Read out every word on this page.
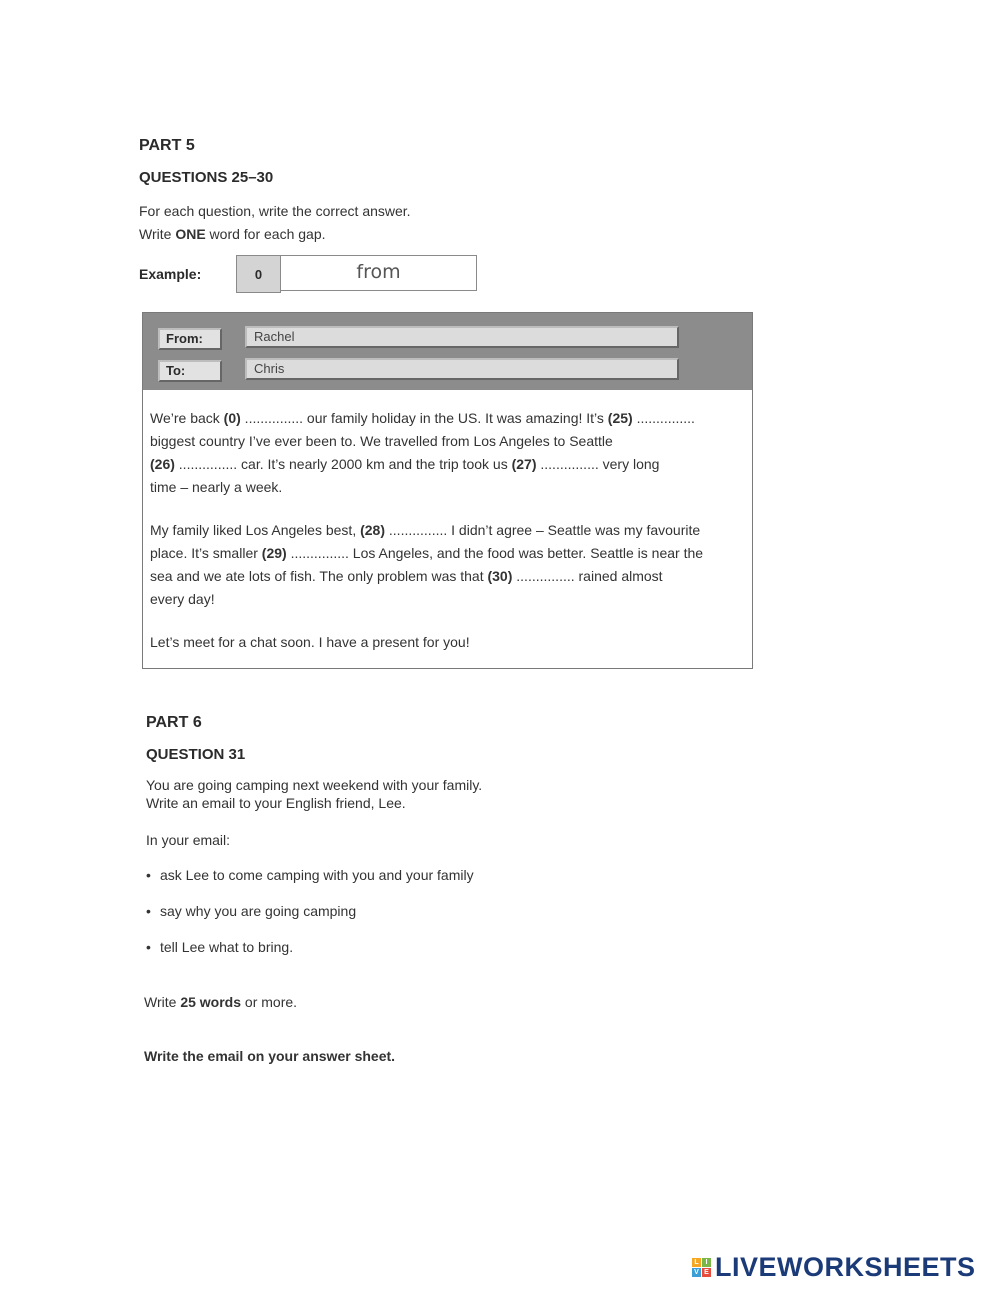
PART 5
QUESTIONS 25–30
For each question, write the correct answer.
Write ONE word for each gap.
Example:	0	from
From:	Rachel
To:	Chris
We’re back (0) ............... our family holiday in the US. It was amazing! It’s (25) ...............
biggest country I’ve ever been to. We travelled from Los Angeles to Seattle
(26) ............... car. It’s nearly 2000 km and the trip took us (27) ............... very long
time – nearly a week.
My family liked Los Angeles best, (28) ............... I didn’t agree – Seattle was my favourite
place. It’s smaller (29) ............... Los Angeles, and the food was better. Seattle is near the
sea and we ate lots of fish. The only problem was that (30) ............... rained almost
every day!
Let’s meet for a chat soon. I have a present for you!
PART 6
QUESTION 31
You are going camping next weekend with your family.
Write an email to your English friend, Lee.
In your email:
• ask Lee to come camping with you and your family
• say why you are going camping
• tell Lee what to bring.
Write 25 words or more.
Write the email on your answer sheet.
L I
V E LIVEWORKSHEETS
